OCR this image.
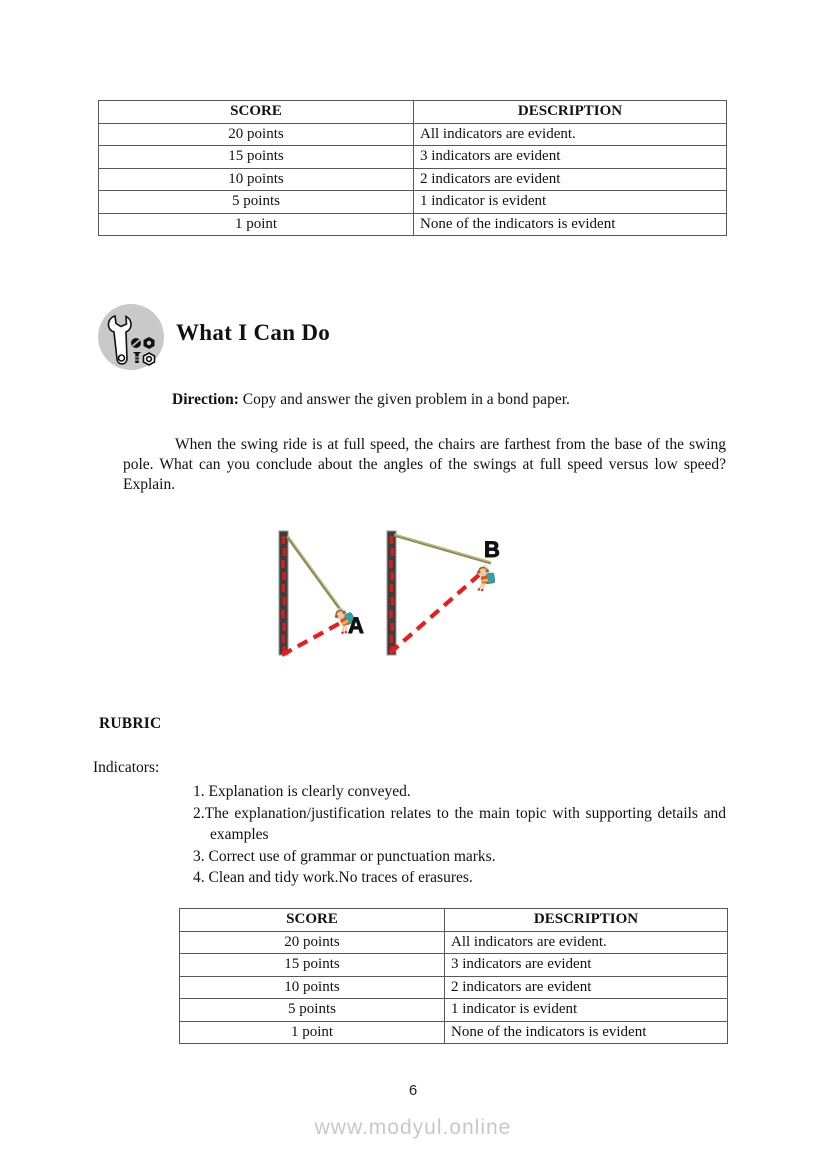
SCORE	DESCRIPTION
20 points	All indicators are evident.
15 points	3 indicators are evident
10 points	2 indicators are evident
5 points	1 indicator is evident
1 point	None of the indicators is evident
What I Can Do
Direction: Copy and answer the given problem in a bond paper.
When the swing ride is at full speed, the chairs are farthest from the base of the swing pole. What can you conclude about the angles of the swings at full speed versus low speed? Explain.
A
B
RUBRIC
Indicators:
1. Explanation is clearly conveyed.
2.The explanation/justification relates to the main topic with supporting details and examples
3. Correct use of grammar or punctuation marks.
4. Clean and tidy work.No traces of erasures.
SCORE	DESCRIPTION
20 points	All indicators are evident.
15 points	3 indicators are evident
10 points	2 indicators are evident
5 points	1 indicator is evident
1 point	None of the indicators is evident
6
www.modyul.online
